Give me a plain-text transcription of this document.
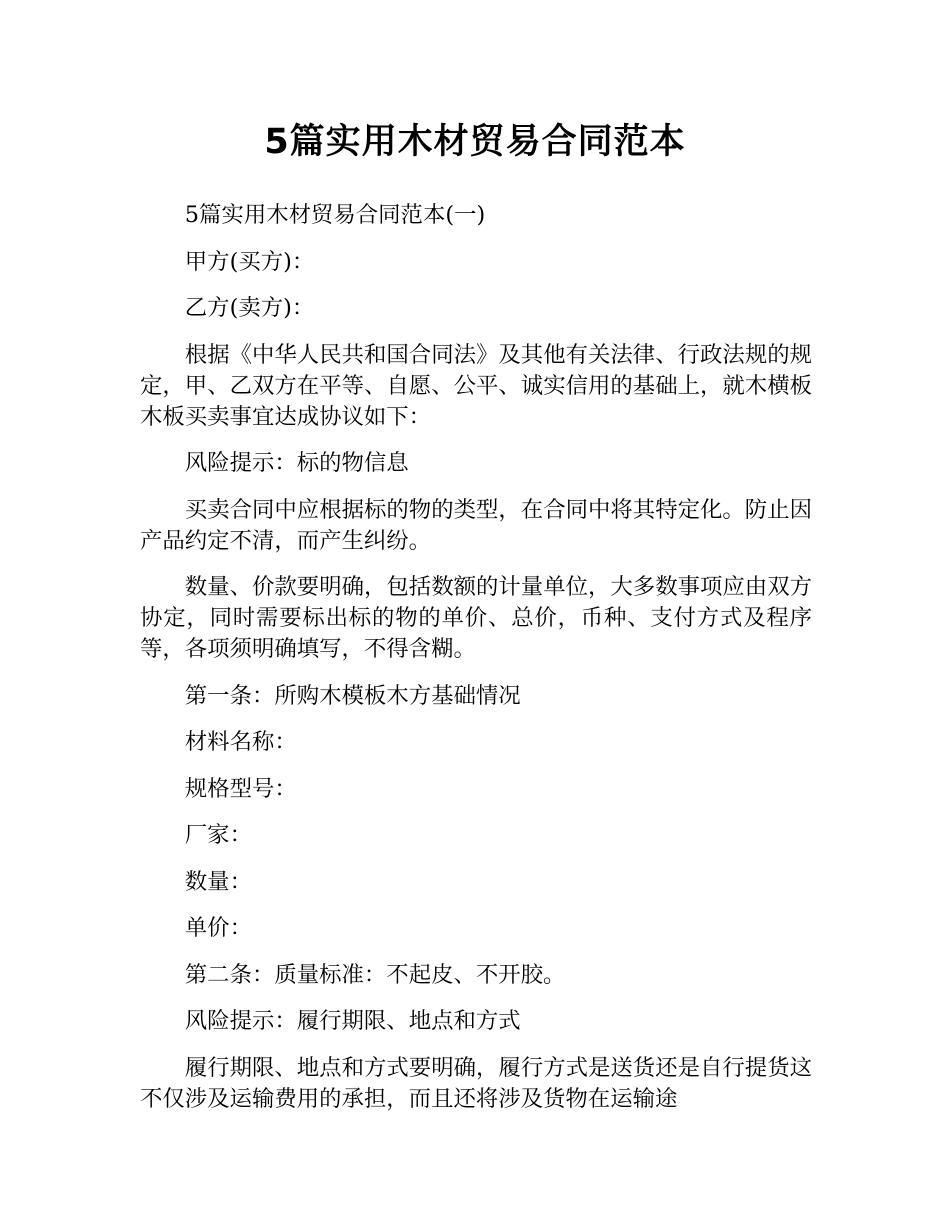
5篇实用木材贸易合同范本

5篇实用木材贸易合同范本(一)

甲方(买方)：

乙方(卖方)：

根据《中华人民共和国合同法》及其他有关法律、行政法规的规定，甲、乙双方在平等、自愿、公平、诚实信用的基础上，就木横板木板买卖事宜达成协议如下：

风险提示：标的物信息

买卖合同中应根据标的物的类型，在合同中将其特定化。防止因产品约定不清，而产生纠纷。

数量、价款要明确，包括数额的计量单位，大多数事项应由双方协定，同时需要标出标的物的单价、总价，币种、支付方式及程序等，各项须明确填写，不得含糊。

第一条：所购木模板木方基础情况

材料名称：

规格型号：

厂家：

数量：

单价：

第二条：质量标准：不起皮、不开胶。

风险提示：履行期限、地点和方式

履行期限、地点和方式要明确，履行方式是送货还是自行提货这不仅涉及运输费用的承担，而且还将涉及货物在运输途
